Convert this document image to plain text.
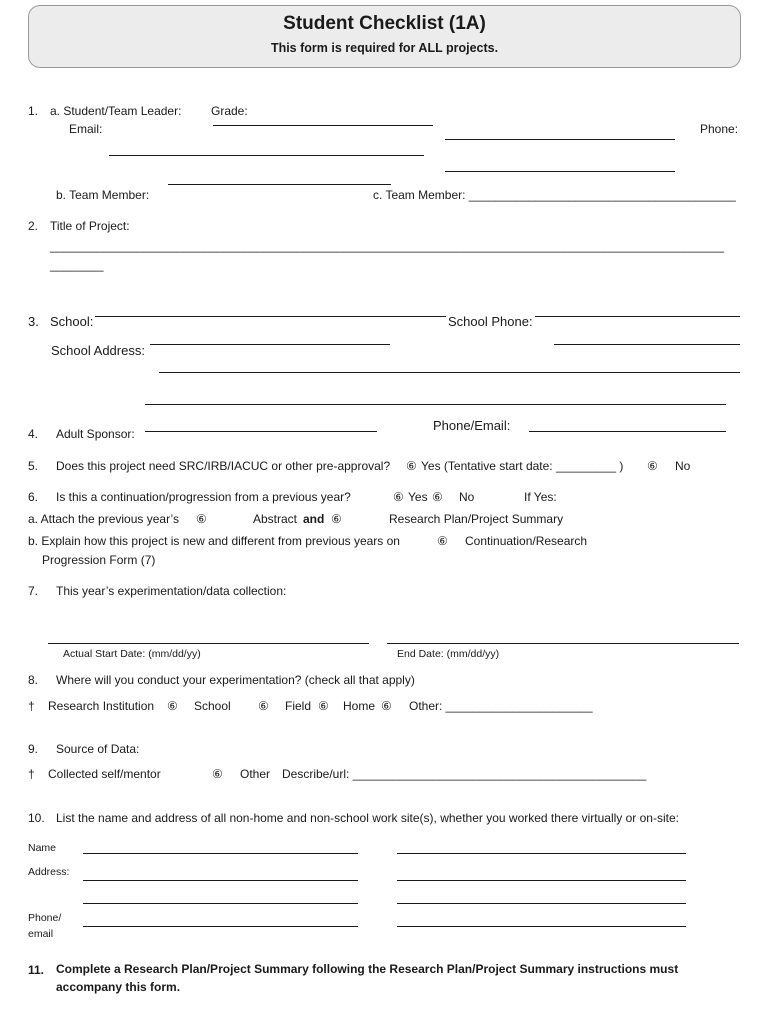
Student Checklist (1A)
This form is required for ALL projects.
1. a. Student/Team Leader: Grade:
Email:	Phone:
b. Team Member:	c. Team Member: ________________________________________
2. Title of Project:
_____________________________________________________________________________________________________
________
3. School:	School Phone:
School Address:
4. Adult Sponsor:
Phone/Email:
5. Does this project need SRC/IRB/IACUC or other pre-approval? ⑥ Yes (Tentative start date: _________ ) ⑥ No
6. Is this a continuation/progression from a previous year?	⑥ Yes ⑥ No	If Yes:
a. Attach the previous year’s ⑥	Abstract and ⑥	Research Plan/Project Summary
b. Explain how this project is new and different from previous years on	⑥ Continuation/Research
Progression Form (7)
7. This year’s experimentation/data collection:
Actual Start Date: (mm/dd/yy)	End Date: (mm/dd/yy)
8. Where will you conduct your experimentation? (check all that apply)
† Research Institution ⑥ School ⑥ Field ⑥ Home ⑥ Other: ______________________
9. Source of Data:
† Collected self/mentor	⑥ Other Describe/url: ____________________________________________
10. List the name and address of all non-home and non-school work site(s), whether you worked there virtually or on-site:
Name
Address:
Phone/
email
11. Complete a Research Plan/Project Summary following the Research Plan/Project Summary instructions must accompany this form.
